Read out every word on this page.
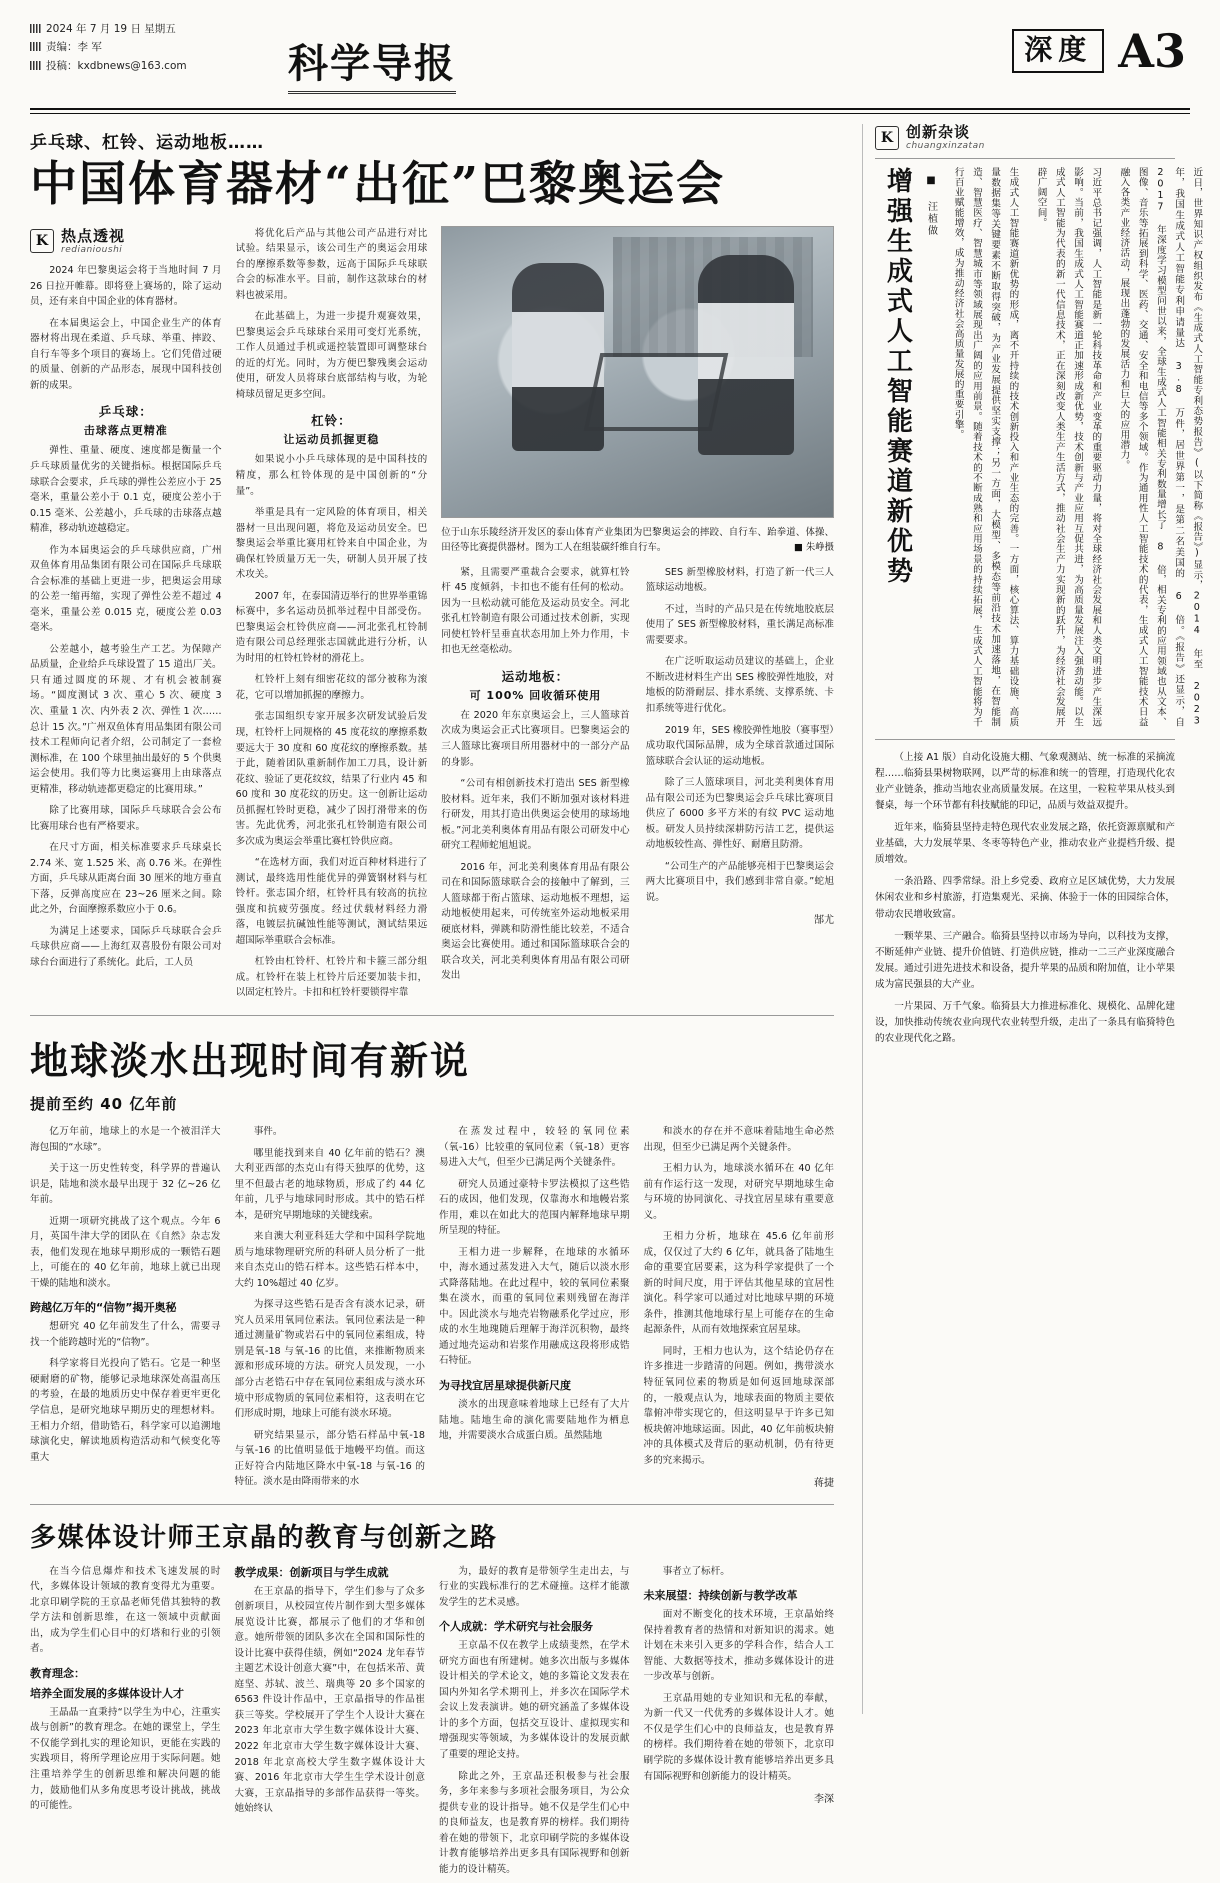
2024 年 7 月 19 日 星期五
责编：李 军
投稿：kxdbnews@163.com	科学导报	深度 A3
乒乓球、杠铃、运动地板……
中国体育器材“出征”巴黎奥运会
K 热点透视
redianioushi

2024 年巴黎奥运会将于当地时间 7 月 26 日拉开帷幕。即将登上赛场的，除了运动员，还有来自中国企业的体育器材。

在本届奥运会上，中国企业生产的体育器材将出现在柔道、乒乓球、举重、摔跤、自行车等多个项目的赛场上。它们凭借过硬的质量、创新的产品形态，展现中国科技创新的成果。

乒乓球：
击球落点更精准

弹性、重量、硬度、速度都是衡量一个乒乓球质量优劣的关键指标。根据国际乒乓球联合会要求，乒乓球的弹性公差应小于 25 毫米，重量公差小于 0.1 克，硬度公差小于 0.15 毫米、公差越小，乒乓球的击球落点越精准，移动轨迹越稳定。

作为本届奥运会的乒乓球供应商，广州双鱼体育用品集团有限公司在国际乒乓球联合会标准的基础上更进一步，把奥运会用球的公差一缩再缩，实现了弹性公差不超过 4 毫米，重量公差 0.015 克，硬度公差 0.03 毫米。

公差越小，越考验生产工艺。为保障产品质量，企业给乒乓球设置了 15 道出厂关。只有通过圆度的环规、才有机会被制赛场。“圆度测试 3 次、重心 5 次、硬度 3 次、重量 1 次、内外表 2 次、弹性 1 次……总计 15 次。”广州双鱼体育用品集团有限公司技术工程师向记者介绍，公司制定了一套检测标准，在 100 个球里抽出最好的 5 个供奥运会使用。我们等力比奥运赛用上由球落点更精准，移动轨迹都更稳定的比赛用球。”

除了比赛用球，国际乒乓球联合会公布比赛用球台也有严格要求。

在尺寸方面，相关标准要求乒乓球桌长 2.74 米、宽 1.525 米、高 0.76 米。在弹性方面，乒乓球从距离台面 30 厘米的地方垂直下落，反弹高度应在 23~26 厘米之间。除此之外，台面摩擦系数应小于 0.6。

为满足上述要求，国际乒乓球联合会乒乓球供应商——上海红双喜股份有限公司对球台台面进行了系统化。此后，工人员

将优化后产品与其他公司产品进行对比试验。结果显示，该公司生产的奥运会用球台的摩擦系数等参数，远高于国际乒乓球联合会的标准水平。目前，制作这款球台的材料也被采用。

在此基础上，为进一步提升观赛效果，巴黎奥运会乒乓球球台采用可变灯光系统，工作人员通过手机或遥控装置即可调整球台的近的灯光。同时，为方便巴黎残奥会运动使用，研发人员将球台底部结构与收，为轮椅球员留足更多空间。

杠铃：
让运动员抓握更稳

如果说小小乒乓球体现的是中国科技的精度，那么杠铃体现的是中国创新的“分量”。

举重是具有一定风险的体育项目，相关器材一旦出现问题，将危及运动员安全。巴黎奥运会举重比赛用杠铃来自中国企业，为确保杠铃质量万无一失，研制人员开展了技术攻关。

2007 年，在泰国清迈举行的世界举重锦标赛中，多名运动员抓举过程中目部受伤。巴黎奥运会杠铃供应商——河北张孔杠铃制造有限公司总经理张志国就此进行分析，认为时用的杠铃杠铃材的滑花上。

杠铃杆上刻有细密花纹的部分被称为滚花，它可以增加抓握的摩擦力。

张志国组织专家开展多次研发试验后发现，杠铃杆上同规格的 45 度花纹的摩擦系数要远大于 30 度和 60 度花纹的摩擦系数。基于此，随着团队重新制作加工刀具，设计新花纹、验证了更花纹纹，结果了行业内 45 和 60 度和 30 度花纹的历史。这一创新让运动员抓握杠铃时更稳，减少了因打滑带来的伤害。先此优秀，河北张孔杠铃制造有限公司多次成为奥运会举重比赛杠铃供应商。

“在选材方面，我们对近百种材料进行了测试，最终选用性能优异的弹簧钢材料与杠铃杆。张志国介绍，杠铃杆具有较高的抗拉强度和抗疲劳强度。经过伏载材料经力滑落，电镀层抗碱蚀性能等测试，测试结果远超国际举重联合会标准。

杠铃由杠铃杆、杠铃片和卡箍三部分组成。杠铃杆在装上杠铃片后还要加装卡扣，以固定杠铃片。卡扣和杠铃杆要锁得牢靠

位于山东乐陵经济开发区的泰山体育产业集团为巴黎奥运会的摔跤、自行车、跆拳道、体操、田径等比赛提供器材。图为工人在组装碳纤维自行车。	■ 朱峥摄

紧，且需要严重裁合会要求，就算杠铃杆 45 度倾斜，卡扣也不能有任何的松动。因为一旦松动就可能危及运动员安全。河北张孔杠铃制造有限公司通过技术创新，实现同使杠铃杆呈垂直状态用加上外力作用，卡扣也无丝毫松动。

运动地板：
可 100% 回收循环使用

在 2020 年东京奥运会上，三人篮球首次成为奥运会正式比赛项目。巴黎奥运会的三人篮球比赛项目所用器材中的一部分产品的身影。

“公司有相创新技术打造出 SES 新型橡胶材料。近年来，我们不断加强对该材料进行研发，用其打造出供奥运会使用的球场地板。”河北美利奥体育用品有限公司研发中心研究工程师蛇旭旭说。

2016 年，河北美利奥体育用品有限公司在和国际篮球联合会的接触中了解到，三人篮球都于衔占篮球、运动地板不理想，运动地板使用起来，可传统室外运动地板采用硬底材料，弹跳和防滑性能比较差，不适合奥运会比赛使用。通过和国际篮球联合会的联合攻关，河北美利奥体育用品有限公司研发出

SES 新型橡胶材料，打造了新一代三人篮球运动地板。

不过，当时的产品只是在传统地胶底层使用了 SES 新型橡胶材料，重长满足高标准需要要求。

在广泛听取运动员建议的基础上，企业不断改进材料生产出 SES 橡胶弹性地胶，对地板的防滑耐层、排水系统、支撑系统、卡扣系统等进行优化。

2019 年，SES 橡胶弹性地胶（赛事型）成功取代国际品牌，成为全球首款通过国际篮球联合会认证的运动地板。

除了三人篮球项目，河北美利奥体育用品有限公司还为巴黎奥运会乒乓球比赛项目供应了 6000 多平方米的有纹 PVC 运动地板。研发人员持续深耕防污洁工艺，提供运动地板较性高、弹性好、耐磨且防滑。

“公司生产的产品能够亮相于巴黎奥运会两大比赛项目中，我们感到非常自豪。”蛇旭说。

郜尤
地球淡水出现时间有新说
提前至约 40 亿年前

亿万年前，地球上的水是一个被泪洋大海包围的“水球”。

关于这一历史性转变，科学界的普遍认识是，陆地和淡水最早出现于 32 亿~26 亿年前。

近期一项研究挑战了这个观点。今年 6 月，英国牛津大学的团队在《自然》杂志发表，他们发现在地球早期形成的一颗锆石题上，可能在的 40 亿年前，地球上就已出现干燥的陆地和淡水。

跨越亿万年的“信物”揭开奥秘

想研究 40 亿年前发生了什么，需要寻找一个能跨越时光的“信物”。

科学家将目光投向了锆石。它是一种坚硬耐磨的矿物，能够记录地球深处高温高压的考验，在最的地质历史中保存着更牢更化学信息，是研究地球早期历史的理想材料。王相力介绍，借助锆石，科学家可以追溯地球演化史，解读地质构造活动和气候变化等重大

事件。

哪里能找到来自 40 亿年前的锆石？澳大利亚西部的杰克山有得天独厚的优势，这里不但最古老的地球物质，形成了约 44 亿年前，几乎与地球同时形成。其中的锆石样本，是研究早期地球的关键线索。

来自澳大利亚科廷大学和中国科学院地质与地球物理研究所的科研人员分析了一批来自杰克山的锆石样本。这些锆石样本中，大约 10%超过 40 亿岁。

为探寻这些锆石是否含有淡水记录，研究人员采用氧同位素法。氧同位素法是一种通过测量矿物或岩石中的氧同位素组成，特别是氧-18 与氧-16 的比值，来推断物质来源和形成环境的方法。研究人员发现，一小部分古老锆石中存在氧同位素组成与淡水环境中形成物质的氧同位素相符，这表明在它们形成时期，地球上可能有淡水环境。

研究结果显示，部分锆石样品中氧-18 与氧-16 的比值明显低于地幔平均值。而这正好符合内陆地区降水中氧-18 与氧-16 的特征。淡水是由降雨带来的水

在蒸发过程中，较轻的氧同位素（氧-16）比较重的氧同位素（氧-18）更容易进入大气，但至少已满足两个关键条件。

研究人员通过豪特卡罗法模拟了这些锆石的成因，他们发现，仅靠海水和地幔岩浆作用，难以在如此大的范围内解释地球早期所呈现的特征。

王相力进一步解释，在地球的水循环中，海水通过蒸发进入大气，随后以淡水形式降落陆地。在此过程中，较的氧同位素聚集在淡水，而重的氧同位素则残留在海洋中。因此淡水与地壳岩物融系化学过应，形成的水生地瑰随后理解于海洋沉积物，最终通过地壳运动和岩浆作用融成这段将形成锆石特征。

为寻找宜居星球提供新尺度

淡水的出现意味着地球上已经有了大片陆地。陆地生命的演化需要陆地作为栖息地，并需要淡水合成蛋白质。虽然陆地

和淡水的存在并不意味着陆地生命必然出现，但至少已满足两个关键条件。

王相力认为，地球淡水循环在 40 亿年前有作运行这一发现，对研究早期地球生命与环境的协同演化、寻找宜居星球有重要意义。

王相力分析，地球在 45.6 亿年前形成，仅仅过了大约 6 亿年，就具备了陆地生命的重要宜居要素，这为科学家提供了一个新的时间尺度，用于评估其他星球的宜居性演化。科学家可以通过对比地球早期的环境条件，推测其他地球行星上可能存在的生命起源条件，从而有效地探索宜居星球。

同时，王相力也认为，这个结论仍存在许多推进一步踏清的问题。例如，携带淡水特征氧同位素的物质是如何返回地球深部的，一般观点认为，地球表面的物质主要依靠俯冲带实现它的，但这明显早于许多已知板块俯冲地球运面。因此，40 亿年前板块俯冲的具体模式及背后的驱动机制，仍有待更多的究来揭示。

蒋捷
多媒体设计师王京晶的教育与创新之路

在当今信息爆炸和技术飞速发展的时代，多媒体设计领域的教育变得尤为重要。北京印刷学院的王京晶老师凭借其独特的教学方法和创新思维，在这一领域中贡献面出，成为学生们心目中的灯塔和行业的引领者。

教育理念：
培养全面发展的多媒体设计人才

王晶晶一直秉持“以学生为中心，注重实战与创新”的教育理念。在她的课堂上，学生不仅能学到扎实的理论知识，更能在实践的实践项目，将所学理论应用于实际问题。她注重培养学生的创新思维和解决问题的能力，鼓励他们从多角度思考设计挑战，挑战的可能性。

教学成果：创新项目与学生成就

在王京晶的指导下，学生们参与了众多创新项目，从校园宣传片制作到大型多媒体展览设计比赛，都展示了他们的才华和创意。她所带领的团队多次在全国和国际性的设计比赛中获得佳绩，例如“2024 龙年春节主题艺术设计创意大赛”中，在包括米芾、黄庭坚、苏轼、波兰、瑞典等 20 多个国家的 6563 件设计作品中，王京晶指导的作品崔获三等奖。学校展开了学生个人设计大赛在 2023 年北京市大学生数字媒体设计大赛、2022 年北京市大学生数字媒体设计大赛、2018 年北京高校大学生数字媒体设计大赛、2016 年北京市大学生生学术设计创意大赛，王京晶指导的多部作品获得一等奖。她始终认

为，最好的教育是带领学生走出去，与行业的实践标准行的艺术碰撞。这样才能激发学生的艺术灵感。

个人成就：学术研究与社会服务

王京晶不仅在教学上成绩斐然，在学术研究方面也有所建树。她多次出版与多媒体设计相关的学术论文，她的多篇论文发表在国内外知名学术期刊上，并多次在国际学术会议上发表演讲。她的研究涵盖了多媒体设计的多个方面，包括交互设计、虚拟现实和增强现实等领域，为多媒体设计的发展贡献了重要的理论支持。

除此之外，王京晶还积极参与社会服务，多年来参与多项社会服务项目，为公众提供专业的设计指导。她不仅是学生们心中的良师益友，也是教育界的榜样。我们期待着在她的带领下，北京印刷学院的多媒体设计教育能够培养出更多具有国际视野和创新能力的设计精英。

事者立了标杆。

未来展望：持续创新与教学改革

面对不断变化的技术环境，王京晶始终保持着教育者的热情和对新知识的渴求。她计划在未来引入更多的学科合作，结合人工智能、大数据等技术，推动多媒体设计的进一步改革与创新。

王京晶用她的专业知识和无私的奉献，为新一代又一代优秀的多媒体设计人才。她不仅是学生们心中的良师益友，也是教育界的榜样。我们期待着在她的带领下，北京印刷学院的多媒体设计教育能够培养出更多具有国际视野和创新能力的设计精英。

李深
K 创新杂谈
chuangxinzatan
增强生成式人工智能赛道新优势 ■ 汪植做	生成式人工智能赛道新优势的形成，离不开持续的技术创新投入和产业生态的完善。一方面，核心算法、算力基础设施、高质量数据集等关键要素不断取得突破，为产业发展提供坚实支撑；另一方面，大模型、多模态等前沿技术加速落地，在智能制造、智慧医疗、智慧城市等领域展现出广阔的应用前景。随着技术的不断成熟和应用场景的持续拓展，生成式人工智能将为千行百业赋能增效，成为推动经济社会高质量发展的重要引擎。	习近平总书记强调，人工智能是新一轮科技革命和产业变革的重要驱动力量，将对全球经济社会发展和人类文明进步产生深远影响。当前，我国生成式人工智能赛道正加速形成新优势，技术创新与产业应用互促共进，为高质量发展注入强劲动能。以生成式人工智能为代表的新一代信息技术，正在深刻改变人类生产生活方式，推动社会生产力实现新的跃升，为经济社会发展开辟广阔空间。	近日，世界知识产权组织发布《生成式人工智能专利态势报告》(以下简称《报告》)显示，2014 年至 2023 年，我国生成式人工智能专利申请量达 3.8 万件，居世界第一，是第二名美国的 6 倍。《报告》还显示，自 2017 年深度学习模型问世以来，全球生成式人工智能相关专利数量增长了 8 倍，相关专利的应用领域也从文本、图像、音乐等拓展到科学、医药、交通、安全和电信等多个领域。作为通用性人工智能技术的代表，生成式人工智能技术日益融入各类产业经济活动，展现出蓬勃的发展活力和巨大的应用潜力。

（上接 A1 版）自动化设施大棚、气象观测站、统一标准的采摘流程……临猗县果树物联网，以严苛的标准和统一的管理，打造现代化农业产业链条，推动当地农业高质量发展。在这里，一粒粒苹果从枝头到餐桌，每一个环节都有科技赋能的印记，品质与效益双提升。

近年来，临猗县坚持走特色现代农业发展之路，依托资源禀赋和产业基础，大力发展苹果、冬枣等特色产业，推动农业产业提档升级、提质增效。

一条沿路、四季常绿。沿上乡党委、政府立足区域优势，大力发展休闲农业和乡村旅游，打造集观光、采摘、体验于一体的田园综合体，带动农民增收致富。

一颗苹果、三产融合。临猗县坚持以市场为导向，以科技为支撑，不断延伸产业链、提升价值链、打造供应链，推动一二三产业深度融合发展。通过引进先进技术和设备，提升苹果的品质和附加值，让小苹果成为富民强县的大产业。

一片果园、万千气象。临猗县大力推进标准化、规模化、品牌化建设，加快推动传统农业向现代农业转型升级，走出了一条具有临猗特色的农业现代化之路。
